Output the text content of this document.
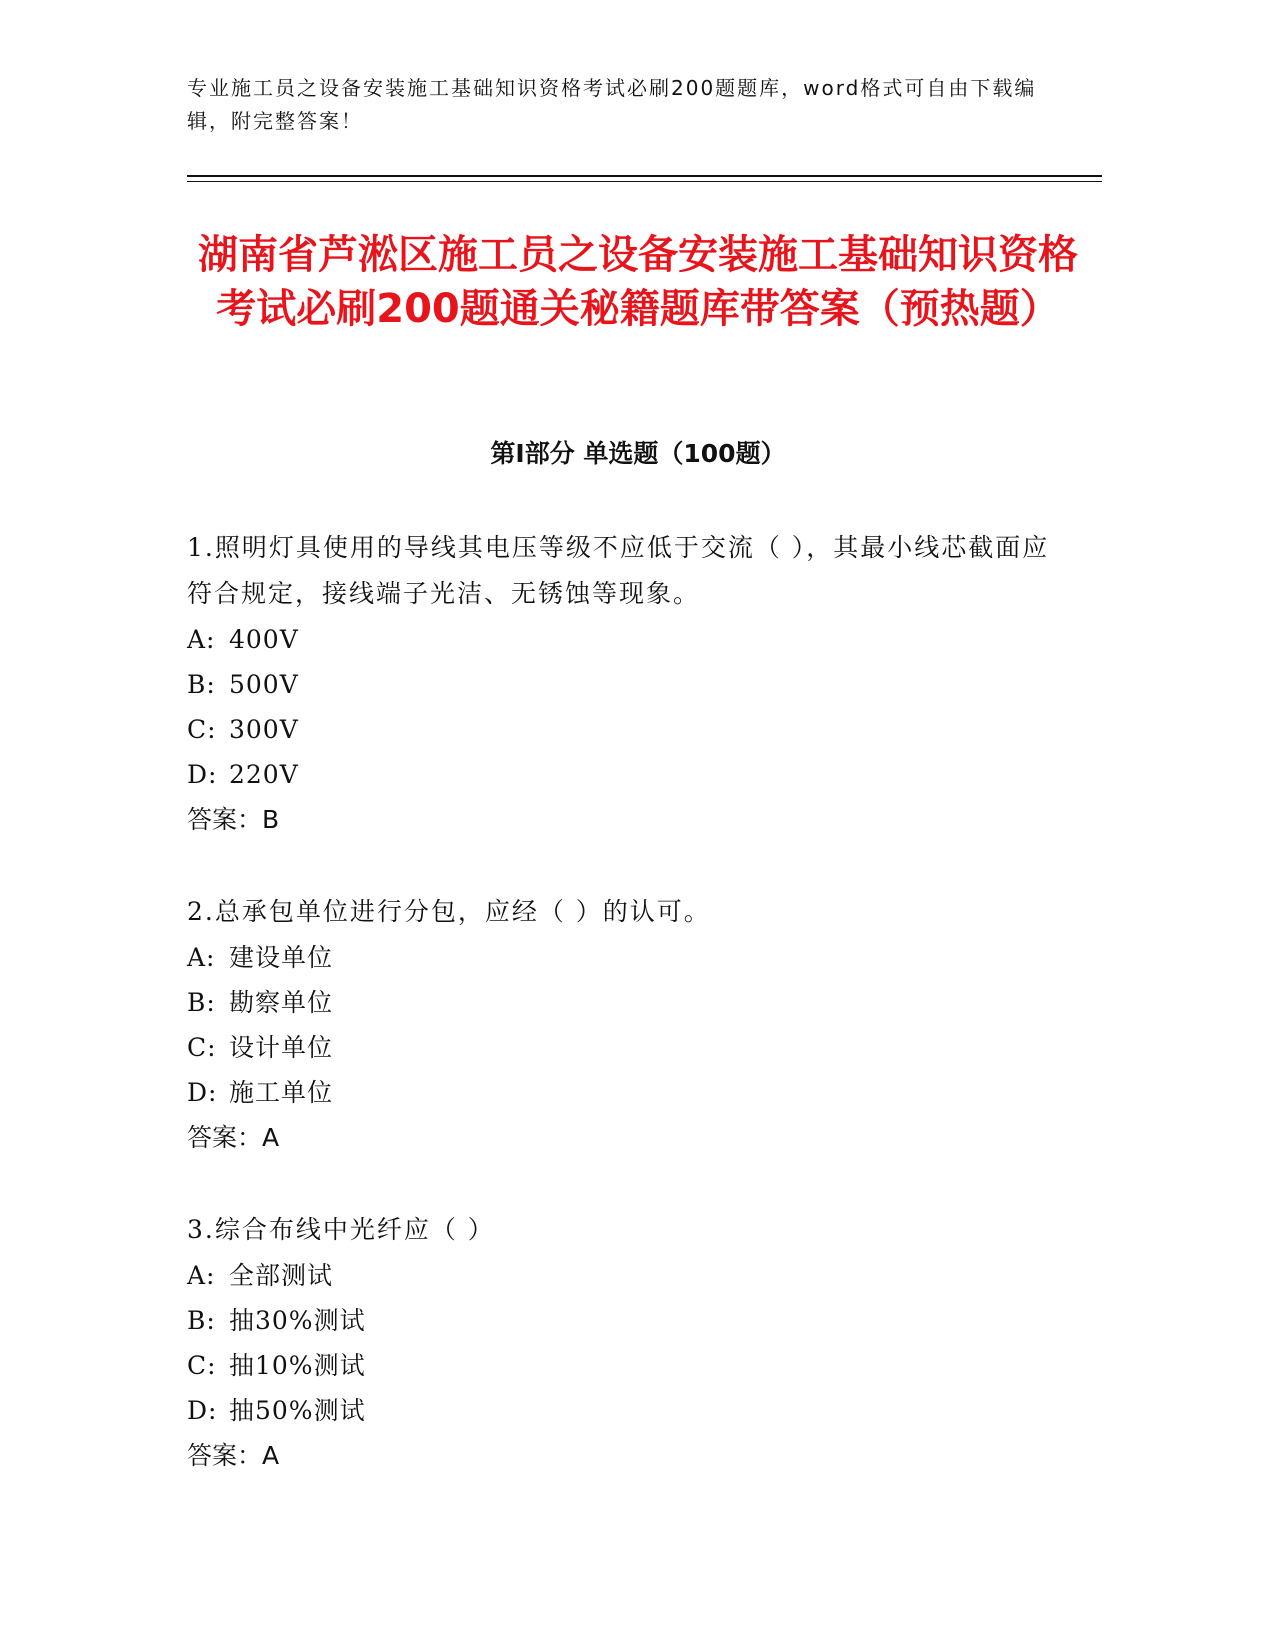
专业施工员之设备安装施工基础知识资格考试必刷200题题库，word格式可自由下载编辑，附完整答案！
湖南省芦淞区施工员之设备安装施工基础知识资格考试必刷200题通关秘籍题库带答案（预热题）
第I部分 单选题（100题）

1.照明灯具使用的导线其电压等级不应低于交流（ ），其最小线芯截面应符合规定，接线端子光洁、无锈蚀等现象。

A: 400V

B: 500V

C: 300V

D: 220V

答案：B

2.总承包单位进行分包，应经（ ）的认可。

A: 建设单位

B: 勘察单位

C: 设计单位

D: 施工单位

答案：A

3.综合布线中光纤应（ ）

A: 全部测试

B: 抽30%测试

C: 抽10%测试

D: 抽50%测试

答案：A
